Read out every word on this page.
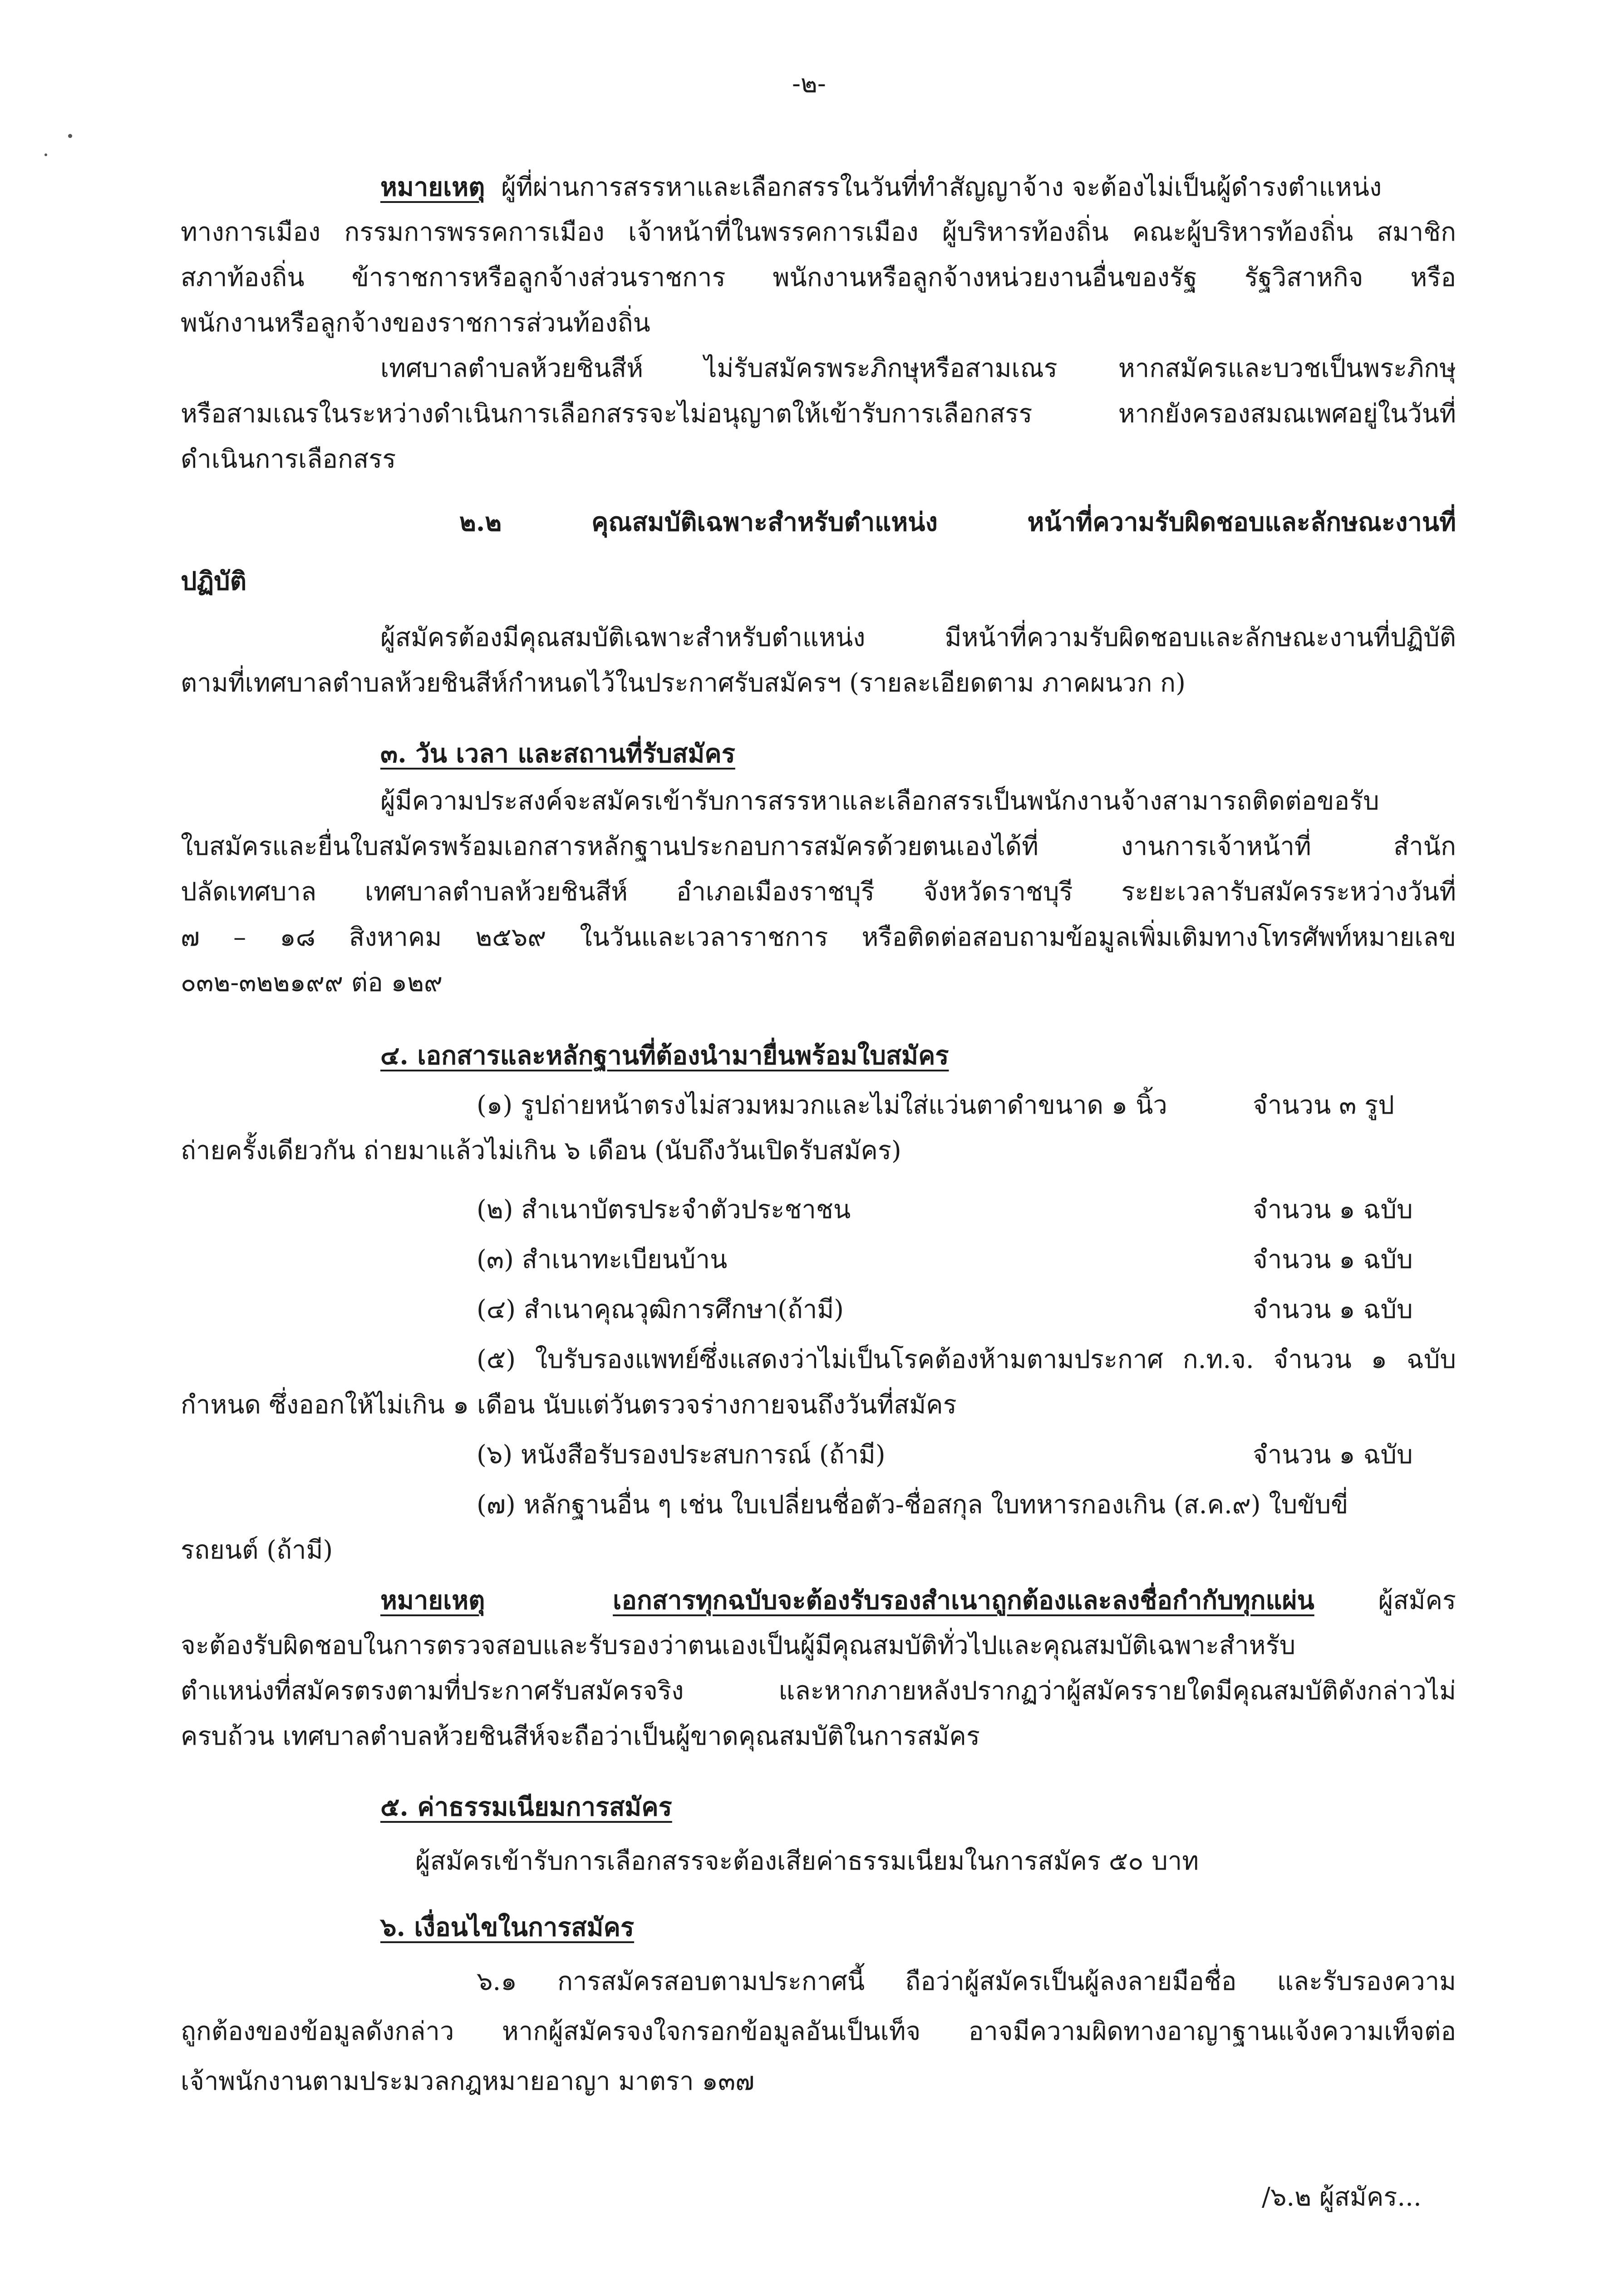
-๒-
หมายเหตุ ผู้ที่ผ่านการสรรหาและเลือกสรรในวันที่ทำสัญญาจ้าง จะต้องไม่เป็นผู้ดำรงตำแหน่ง
ทางการเมือง กรรมการพรรคการเมือง เจ้าหน้าที่ในพรรคการเมือง ผู้บริหารท้องถิ่น คณะผู้บริหารท้องถิ่น สมาชิก
สภาท้องถิ่น ข้าราชการหรือลูกจ้างส่วนราชการ พนักงานหรือลูกจ้างหน่วยงานอื่นของรัฐ รัฐวิสาหกิจ หรือ
พนักงานหรือลูกจ้างของราชการส่วนท้องถิ่น
เทศบาลตำบลห้วยชินสีห์ ไม่รับสมัครพระภิกษุหรือสามเณร หากสมัครและบวชเป็นพระภิกษุ
หรือสามเณรในระหว่างดำเนินการเลือกสรรจะไม่อนุญาตให้เข้ารับการเลือกสรร หากยังครองสมณเพศอยู่ในวันที่
ดำเนินการเลือกสรร
๒.๒ คุณสมบัติเฉพาะสำหรับตำแหน่ง หน้าที่ความรับผิดชอบและลักษณะงานที่
ปฏิบัติ
ผู้สมัครต้องมีคุณสมบัติเฉพาะสำหรับตำแหน่ง มีหน้าที่ความรับผิดชอบและลักษณะงานที่ปฏิบัติ
ตามที่เทศบาลตำบลห้วยชินสีห์กำหนดไว้ในประกาศรับสมัครฯ (รายละเอียดตาม ภาคผนวก ก)
๓. วัน เวลา และสถานที่รับสมัคร
ผู้มีความประสงค์จะสมัครเข้ารับการสรรหาและเลือกสรรเป็นพนักงานจ้างสามารถติดต่อขอรับ
ใบสมัครและยื่นใบสมัครพร้อมเอกสารหลักฐานประกอบการสมัครด้วยตนเองได้ที่ งานการเจ้าหน้าที่ สำนัก
ปลัดเทศบาล เทศบาลตำบลห้วยชินสีห์ อำเภอเมืองราชบุรี จังหวัดราชบุรี ระยะเวลารับสมัครระหว่างวันที่
๗ – ๑๘ สิงหาคม ๒๕๖๙ ในวันและเวลาราชการ หรือติดต่อสอบถามข้อมูลเพิ่มเติมทางโทรศัพท์หมายเลข
๐๓๒-๓๒๒๑๙๙ ต่อ ๑๒๙
๔. เอกสารและหลักฐานที่ต้องนำมายื่นพร้อมใบสมัคร
(๑) รูปถ่ายหน้าตรงไม่สวมหมวกและไม่ใส่แว่นตาดำขนาด ๑ นิ้ว	จำนวน ๓ รูป
ถ่ายครั้งเดียวกัน ถ่ายมาแล้วไม่เกิน ๖ เดือน (นับถึงวันเปิดรับสมัคร)
(๒) สำเนาบัตรประจำตัวประชาชน	จำนวน ๑ ฉบับ
(๓) สำเนาทะเบียนบ้าน	จำนวน ๑ ฉบับ
(๔) สำเนาคุณวุฒิการศึกษา(ถ้ามี)	จำนวน ๑ ฉบับ
(๕) ใบรับรองแพทย์ซึ่งแสดงว่าไม่เป็นโรคต้องห้ามตามประกาศ ก.ท.จ. จำนวน ๑ ฉบับ
กำหนด ซึ่งออกให้ไม่เกิน ๑ เดือน นับแต่วันตรวจร่างกายจนถึงวันที่สมัคร
(๖) หนังสือรับรองประสบการณ์ (ถ้ามี)	จำนวน ๑ ฉบับ
(๗) หลักฐานอื่น ๆ เช่น ใบเปลี่ยนชื่อตัว-ชื่อสกุล ใบทหารกองเกิน (ส.ค.๙) ใบขับขี่
รถยนต์ (ถ้ามี)
หมายเหตุ	เอกสารทุกฉบับจะต้องรับรองสำเนาถูกต้องและลงชื่อกำกับทุกแผ่น	ผู้สมัคร
จะต้องรับผิดชอบในการตรวจสอบและรับรองว่าตนเองเป็นผู้มีคุณสมบัติทั่วไปและคุณสมบัติเฉพาะสำหรับ
ตำแหน่งที่สมัครตรงตามที่ประกาศรับสมัครจริง และหากภายหลังปรากฏว่าผู้สมัครรายใดมีคุณสมบัติดังกล่าวไม่
ครบถ้วน เทศบาลตำบลห้วยชินสีห์จะถือว่าเป็นผู้ขาดคุณสมบัติในการสมัคร
๕. ค่าธรรมเนียมการสมัคร
ผู้สมัครเข้ารับการเลือกสรรจะต้องเสียค่าธรรมเนียมในการสมัคร ๕๐ บาท
๖. เงื่อนไขในการสมัคร
๖.๑ การสมัครสอบตามประกาศนี้ ถือว่าผู้สมัครเป็นผู้ลงลายมือชื่อ และรับรองความ
ถูกต้องของข้อมูลดังกล่าว หากผู้สมัครจงใจกรอกข้อมูลอันเป็นเท็จ อาจมีความผิดทางอาญาฐานแจ้งความเท็จต่อ
เจ้าพนักงานตามประมวลกฎหมายอาญา มาตรา ๑๓๗
/๖.๒ ผู้สมัคร...
